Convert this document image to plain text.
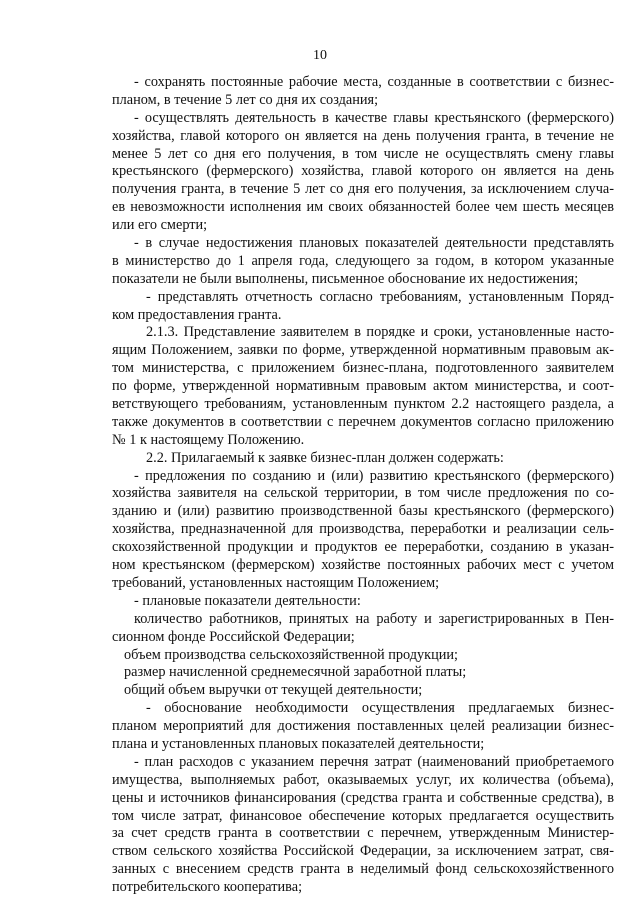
10
- сохранять постоянные рабочие места, созданные в соответствии с бизнес-
планом, в течение 5 лет со дня их создания;
- осуществлять деятельность в качестве главы крестьянского (фермерского)
хозяйства, главой которого он является на день получения гранта, в течение не
менее 5 лет со дня его получения, в том числе не осуществлять смену главы
крестьянского (фермерского) хозяйства, главой которого он является на день
получения гранта, в течение 5 лет со дня его получения, за исключением случа-
ев невозможности исполнения им своих обязанностей более чем шесть месяцев
или его смерти;
- в случае недостижения плановых показателей деятельности представлять
в министерство до 1 апреля года, следующего за годом, в котором указанные
показатели не были выполнены, письменное обоснование их недостижения;
- представлять отчетность согласно требованиям, установленным Поряд-
ком предоставления гранта.
2.1.3. Представление заявителем в порядке и сроки, установленные насто-
ящим Положением, заявки по форме, утвержденной нормативным правовым ак-
том министерства, с приложением бизнес-плана, подготовленного заявителем
по форме, утвержденной нормативным правовым актом министерства, и соот-
ветствующего требованиям, установленным пунктом 2.2 настоящего раздела, а
также документов в соответствии с перечнем документов согласно приложению
№ 1 к настоящему Положению.
2.2. Прилагаемый к заявке бизнес-план должен содержать:
- предложения по созданию и (или) развитию крестьянского (фермерского)
хозяйства заявителя на сельской территории, в том числе предложения по со-
зданию и (или) развитию производственной базы крестьянского (фермерского)
хозяйства, предназначенной для производства, переработки и реализации сель-
скохозяйственной продукции и продуктов ее переработки, созданию в указан-
ном крестьянском (фермерском) хозяйстве постоянных рабочих мест с учетом
требований, установленных настоящим Положением;
- плановые показатели деятельности:
количество работников, принятых на работу и зарегистрированных в Пен-
сионном фонде Российской Федерации;
объем производства сельскохозяйственной продукции;
размер начисленной среднемесячной заработной платы;
общий объем выручки от текущей деятельности;
- обоснование необходимости осуществления предлагаемых бизнес-
планом мероприятий для достижения поставленных целей реализации бизнес-
плана и установленных плановых показателей деятельности;
- план расходов с указанием перечня затрат (наименований приобретаемого
имущества, выполняемых работ, оказываемых услуг, их количества (объема),
цены и источников финансирования (средства гранта и собственные средства), в
том числе затрат, финансовое обеспечение которых предлагается осуществить
за счет средств гранта в соответствии с перечнем, утвержденным Министер-
ством сельского хозяйства Российской Федерации, за исключением затрат, свя-
занных с внесением средств гранта в неделимый фонд сельскохозяйственного
потребительского кооператива;
